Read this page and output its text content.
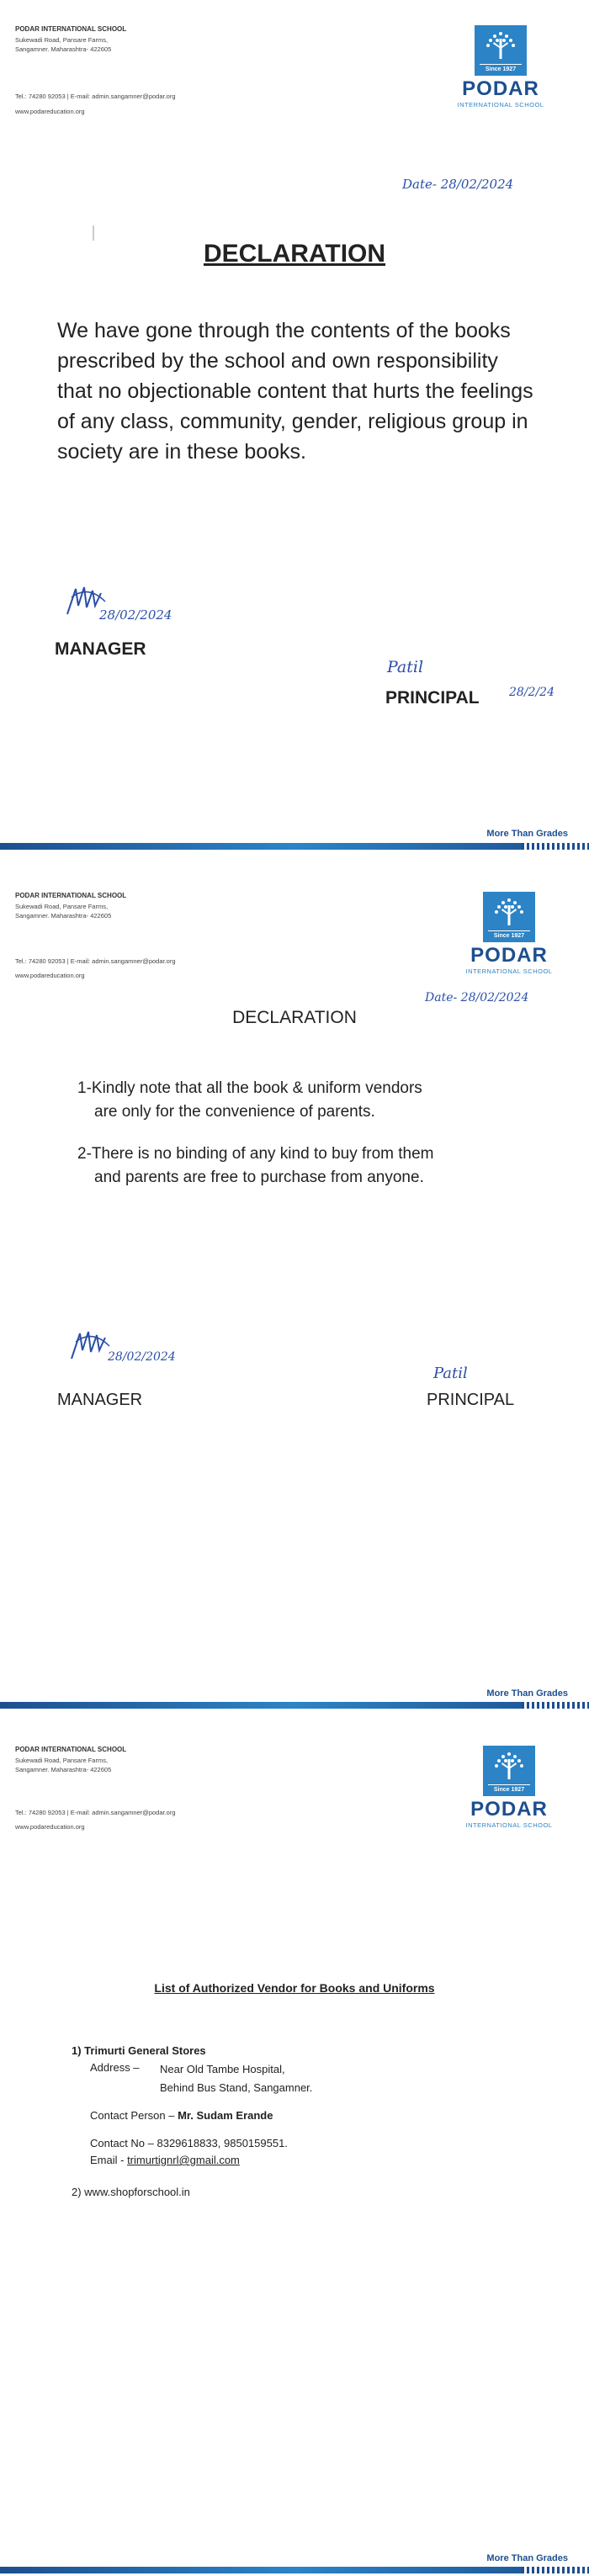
PODAR INTERNATIONAL SCHOOL
Sukewadi Road, Pansare Farms,
Sangamner. Maharashtra- 422605
Tel.: 74280 92053 | E-mail: admin.sangamner@podar.org
www.podareducation.org
Since 1927
PODAR
INTERNATIONAL SCHOOL
Date- 28/02/2024
DECLARATION
We have gone through the contents of the books prescribed by the school and own responsibility that no objectionable content that hurts the feelings of any class, community, gender, religious group in society are in these books.
28/02/2024
MANAGER
Patil
PRINCIPAL	28/2/24
More Than Grades
PODAR INTERNATIONAL SCHOOL
Sukewadi Road, Pansare Farms,
Sangamner. Maharashtra- 422605
Tel.: 74280 92053 | E-mail: admin.sangamner@podar.org
www.podareducation.org
Since 1927
PODAR
INTERNATIONAL SCHOOL
Date- 28/02/2024
DECLARATION
1-Kindly note that all the book & uniform vendors
are only for the convenience of parents.
2-There is no binding of any kind to buy from them
and parents are free to purchase from anyone.
28/02/2024
MANAGER
Patil
PRINCIPAL
More Than Grades
PODAR INTERNATIONAL SCHOOL
Sukewadi Road, Pansare Farms,
Sangamner. Maharashtra- 422605
Tel.: 74280 92053 | E-mail: admin.sangamner@podar.org
www.podareducation.org
Since 1927
PODAR
INTERNATIONAL SCHOOL
List of Authorized Vendor for Books and Uniforms
1) Trimurti General Stores
Address – Near Old Tambe Hospital,
Behind Bus Stand, Sangamner.
Contact Person – Mr. Sudam Erande
Contact No – 8329618833, 9850159551.
Email - trimurtignrl@gmail.com
2) www.shopforschool.in
More Than Grades
